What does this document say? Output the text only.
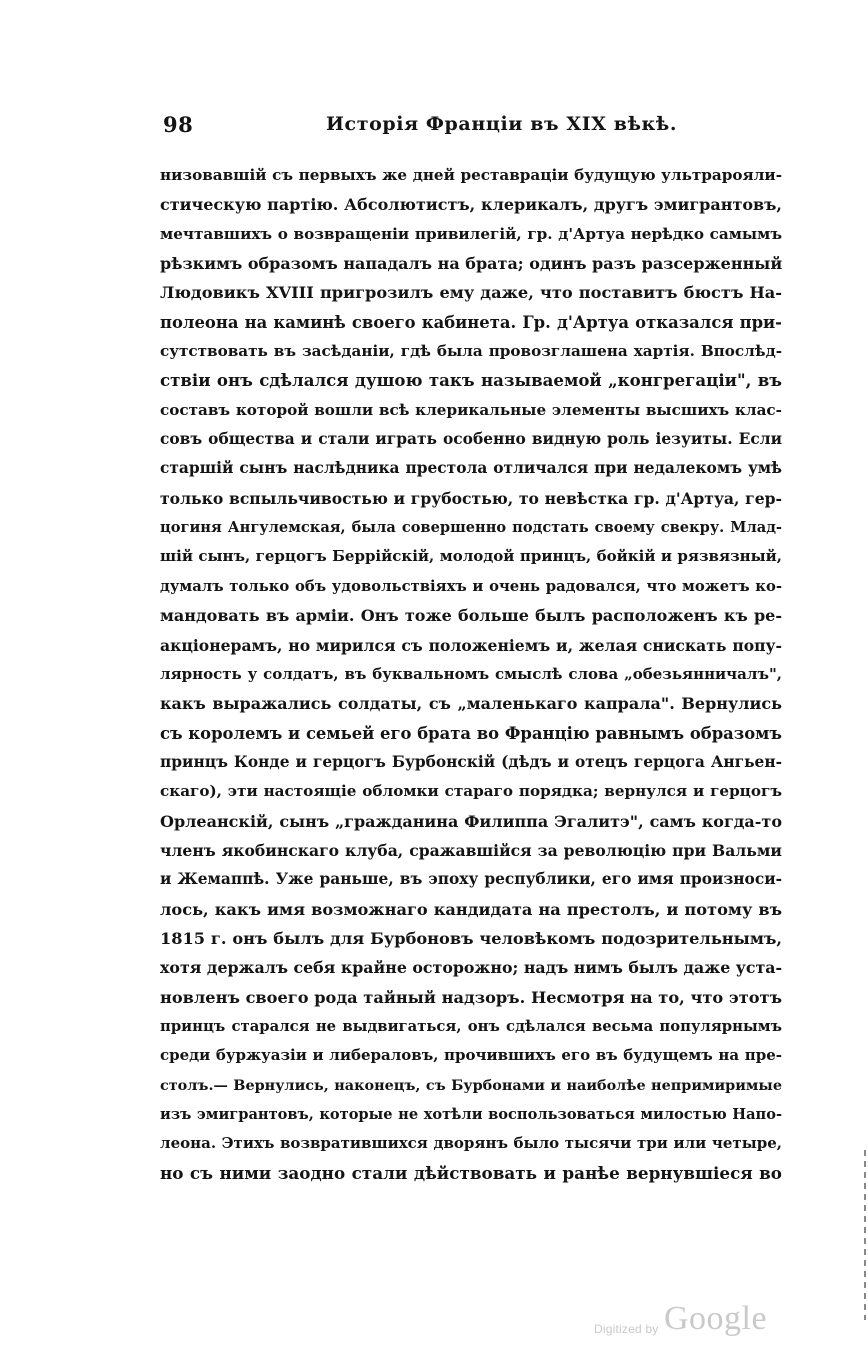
98	Исторія Франціи въ XIX вѣкѣ.
низовавшій съ первыхъ же дней реставраціи будущую ультрарояли-
стическую партію. Абсолютистъ, клерикалъ, другъ эмигрантовъ,
мечтавшихъ о возвращеніи привилегій, гр. д'Артуа нерѣдко самымъ
рѣзкимъ образомъ нападалъ на брата; одинъ разъ разсерженный
Людовикъ XVIII пригрозилъ ему даже, что поставитъ бюстъ На-
полеона на каминѣ своего кабинета. Гр. д'Артуа отказался при-
сутствовать въ засѣданіи, гдѣ была провозглашена хартія. Впослѣд-
ствіи онъ сдѣлался душою такъ называемой „конгрегаціи", въ
составъ которой вошли всѣ клерикальные элементы высшихъ клас-
совъ общества и стали играть особенно видную роль іезуиты. Если
старшій сынъ наслѣдника престола отличался при недалекомъ умѣ
только вспыльчивостью и грубостью, то невѣстка гр. д'Артуа, гер-
цогиня Ангулемская, была совершенно подстать своему свекру. Млад-
шій сынъ, герцогъ Беррійскій, молодой принцъ, бойкій и рязвязный,
думалъ только объ удовольствіяхъ и очень радовался, что можетъ ко-
мандовать въ арміи. Онъ тоже больше былъ расположенъ къ ре-
акціонерамъ, но мирился съ положеніемъ и, желая снискать попу-
лярность у солдатъ, въ буквальномъ смыслѣ слова „обезьянничалъ",
какъ выражались солдаты, съ „маленькаго капрала". Вернулись
съ королемъ и семьей его брата во Францію равнымъ образомъ
принцъ Конде и герцогъ Бурбонскій (дѣдъ и отецъ герцога Ангьен-
скаго), эти настоящіе обломки стараго порядка; вернулся и герцогъ
Орлеанскій, сынъ „гражданина Филиппа Эгалитэ", самъ когда-то
членъ якобинскаго клуба, сражавшійся за революцію при Вальми
и Жемаппѣ. Уже раньше, въ эпоху республики, его имя произноси-
лось, какъ имя возможнаго кандидата на престолъ, и потому въ
1815 г. онъ былъ для Бурбоновъ человѣкомъ подозрительнымъ,
хотя держалъ себя крайне осторожно; надъ нимъ былъ даже уста-
новленъ своего рода тайный надзоръ. Несмотря на то, что этотъ
принцъ старался не выдвигаться, онъ сдѣлался весьма популярнымъ
среди буржуазіи и либераловъ, прочившихъ его въ будущемъ на пре-
столъ.— Вернулись, наконецъ, съ Бурбонами и наиболѣе непримиримые
изъ эмигрантовъ, которые не хотѣли воспользоваться милостью Напо-
леона. Этихъ возвратившихся дворянъ было тысячи три или четыре,
но съ ними заодно стали дѣйствовать и ранѣе вернувшіеся во
Digitized by Google
